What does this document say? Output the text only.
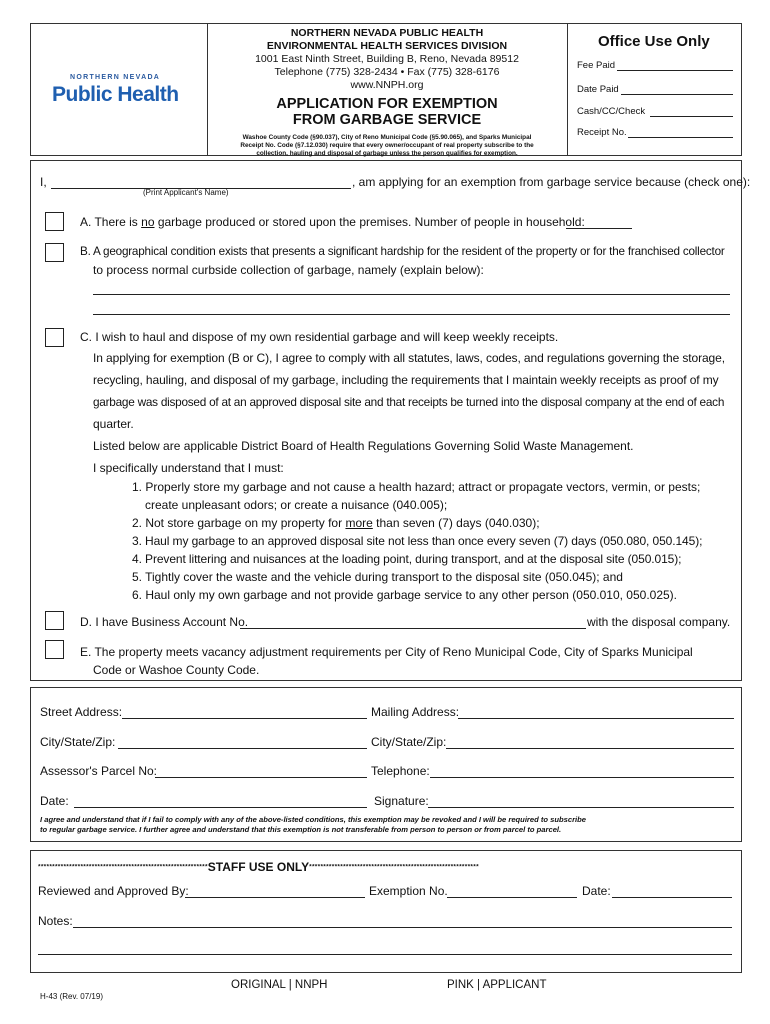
NORTHERN NEVADA
Public Health
NORTHERN NEVADA PUBLIC HEALTH
ENVIRONMENTAL HEALTH SERVICES DIVISION
1001 East Ninth Street, Building B, Reno, Nevada 89512
Telephone (775) 328-2434 • Fax (775) 328-6176
www.NNPH.org
APPLICATION FOR EXEMPTION
FROM GARBAGE SERVICE
Washoe County Code (§90.037), City of Reno Municipal Code (§5.90.065), and Sparks Municipal
Receipt No. Code (§7.12.030) require that every owner/occupant of real property subscribe to the
collection, hauling and disposal of garbage unless the person qualifies for exemption.
Office Use Only
Fee Paid
Date Paid
Cash/CC/Check
Receipt No.
I,	, am applying for an exemption from garbage service because (check one):
(Print Applicant's Name)
A. There is no garbage produced or stored upon the premises. Number of people in household:
B. A geographical condition exists that presents a significant hardship for the resident of the property or for the franchised collector
to process normal curbside collection of garbage, namely (explain below):
C. I wish to haul and dispose of my own residential garbage and will keep weekly receipts.
In applying for exemption (B or C), I agree to comply with all statutes, laws, codes, and regulations governing the storage,
recycling, hauling, and disposal of my garbage, including the requirements that I maintain weekly receipts as proof of my
garbage was disposed of at an approved disposal site and that receipts be turned into the disposal company at the end of each
quarter.
Listed below are applicable District Board of Health Regulations Governing Solid Waste Management.
I specifically understand that I must:
1. Properly store my garbage and not cause a health hazard; attract or propagate vectors, vermin, or pests;
create unpleasant odors; or create a nuisance (040.005);
2. Not store garbage on my property for more than seven (7) days (040.030);
3. Haul my garbage to an approved disposal site not less than once every seven (7) days (050.080, 050.145);
4. Prevent littering and nuisances at the loading point, during transport, and at the disposal site (050.015);
5. Tightly cover the waste and the vehicle during transport to the disposal site (050.045); and
6. Haul only my own garbage and not provide garbage service to any other person (050.010, 050.025).
D. I have Business Account No.	with the disposal company.
E. The property meets vacancy adjustment requirements per City of Reno Municipal Code, City of Sparks Municipal
Code or Washoe County Code.
Street Address:	Mailing Address:
City/State/Zip:	City/State/Zip:
Assessor's Parcel No:	Telephone:
Date:	Signature:
I agree and understand that if I fail to comply with any of the above-listed conditions, this exemption may be revoked and I will be required to subscribe
to regular garbage service. I further agree and understand that this exemption is not transferable from person to person or from parcel to parcel.
************************************************************STAFF USE ONLY************************************************************
Reviewed and Approved By:	Exemption No.	Date:
Notes:
ORIGINAL | NNPH	PINK | APPLICANT
H-43 (Rev. 07/19)
